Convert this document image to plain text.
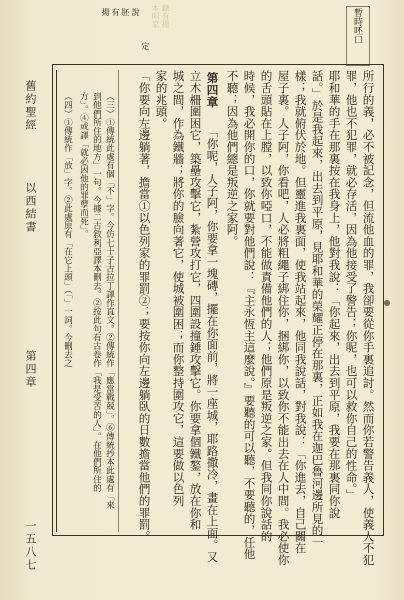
暫時呸口
錄有揚
本叫家
定
說
胚
有
揚
舊約聖經
以西結書
第四章
一五八七
（四）①傳統作「放」字。②此處原有「在它上頭」（「」一詞。今刪去之 方」。④或譯「就必因他的罪孽而死」。 到他們所住的地方」一句。今據二古敘利亞譯本刪去。②按此句有古卷作「我是受苦的人」。在他們所住的 （三）①傳統此處有個「不」字。今仿七十子古拉丁譯作直文。②傳統作「應當戰兢」。⑥傳統抄本此處有「來	所行的義，必不被記念，但流他血的罪，我卻要從你手裏追討。然而你若警告義人，使義人不犯
罪，他也不犯罪，就必存活，因為他接受了警告；你呢，也可以救你自己的性命。」
耶和華的手在那裏按在我身上，他對我說：「你起來，出去到平原，我要在那裏同你說
話。」於是我起來，出去到平原，見耶和華的榮耀正停在那裏，正如我在迦巴魯河邊所見的一
樣；我就俯伏於地。但靈進我裏面，使我站起來，他同我說話，對我說：「你進去，自己關在
屋子裏。人子阿，你看吧，人必將粗繩子綁住你，捆綁你，以致你不能出去在人中間。我必使你
的舌頭貼在上膛，以致你啞口，不能做責備他們的人；他們原是叛逆之家。但我同你說話的
時候，我必開你的口，你就要對他們說：『主永恆主這麼說。』要聽的可以聽，不要聽的，任他
不聽；因為他們總是叛逆之家阿。
第四章
「你呢，人子阿，你要拿一塊磚，擺在你面前，將一座城，耶路撒冷，畫在上面。又
立木柵圍困它，築壘攻擊它，紮營攻打它，四圍設撞錘攻擊它。你要拿個鐵鏊，放在你和
城之間，作為鐵牆；將你的臉向著它，使城被圍困；而你整持圍攻它，這要做以色列
家的兆頭。
「你要向左邊躺著，擔當①以色列家的罪罰②；要按你向左邊躺臥的日數擔當他們的罪罰。
